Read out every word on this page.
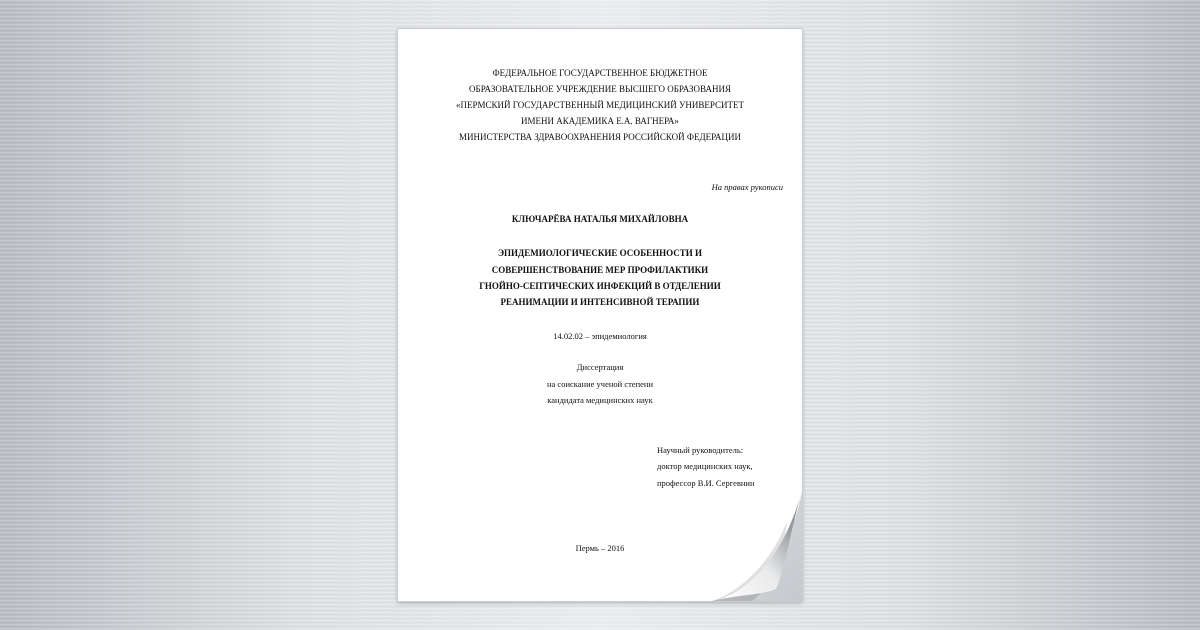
ФЕДЕРАЛЬНОЕ ГОСУДАРСТВЕННОЕ БЮДЖЕТНОЕ
ОБРАЗОВАТЕЛЬНОЕ УЧРЕЖДЕНИЕ ВЫСШЕГО ОБРАЗОВАНИЯ
«ПЕРМСКИЙ ГОСУДАРСТВЕННЫЙ МЕДИЦИНСКИЙ УНИВЕРСИТЕТ
ИМЕНИ АКАДЕМИКА Е.А. ВАГНЕРА»
МИНИСТЕРСТВА ЗДРАВООХРАНЕНИЯ РОССИЙСКОЙ ФЕДЕРАЦИИ
На правах рукописи
КЛЮЧАРЁВА НАТАЛЬЯ МИХАЙЛОВНА
ЭПИДЕМИОЛОГИЧЕСКИЕ ОСОБЕННОСТИ И
СОВЕРШЕНСТВОВАНИЕ МЕР ПРОФИЛАКТИКИ
ГНОЙНО-СЕПТИЧЕСКИХ ИНФЕКЦИЙ В ОТДЕЛЕНИИ
РЕАНИМАЦИИ И ИНТЕНСИВНОЙ ТЕРАПИИ
14.02.02 – эпидемиология
Диссертация
на соискание ученой степени
кандидата медицинских наук
Научный руководитель:
доктор медицинских наук,
профессор В.И. Сергевнин
Пермь – 2016
